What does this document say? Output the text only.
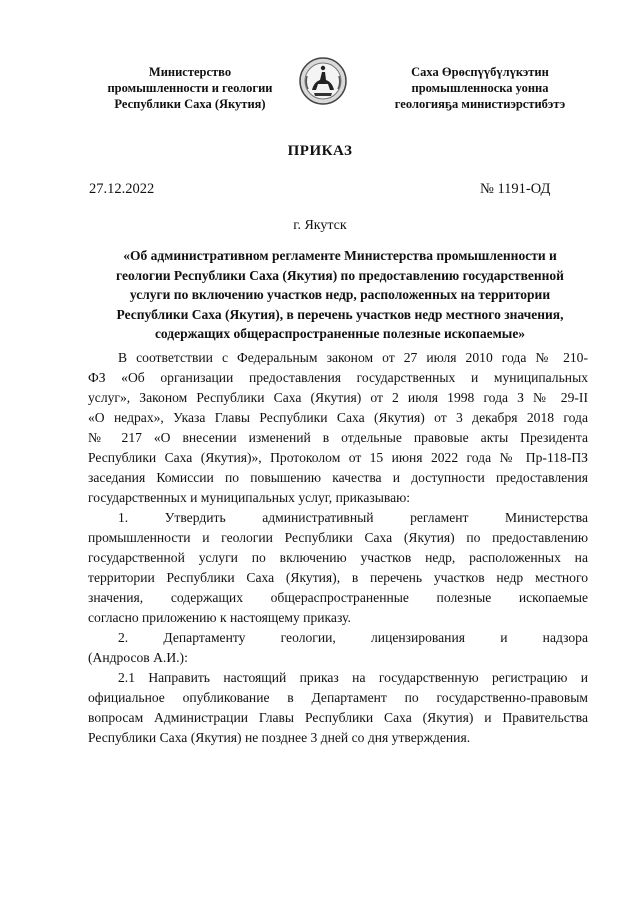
Министерство
промышленности и геологии
Республики Саха (Якутия)
Саха Өрөспүүбүлүкэтин
промышленноска уонна
геологияҕа министиэрстибэтэ
ПРИКАЗ
27.12.2022	№ 1191-ОД
г. Якутск
«Об административном регламенте Министерства промышленности и
геологии Республики Саха (Якутия) по предоставлению государственной
услуги по включению участков недр, расположенных на территории
Республики Саха (Якутия), в перечень участков недр местного значения,
содержащих общераспространенные полезные ископаемые»
В соответствии с Федеральным законом от 27 июля 2010 года № 210-
ФЗ «Об организации предоставления государственных и муниципальных
услуг», Законом Республики Саха (Якутия) от 2 июля 1998 года З № 29-II
«О недрах», Указа Главы Республики Саха (Якутия) от 3 декабря 2018 года
№ 217 «О внесении изменений в отдельные правовые акты Президента
Республики Саха (Якутия)», Протоколом от 15 июня 2022 года № Пр-118-ПЗ
заседания Комиссии по повышению качества и доступности предоставления
государственных и муниципальных услуг, приказываю:
1. Утвердить административный регламент Министерства
промышленности и геологии Республики Саха (Якутия) по предоставлению
государственной услуги по включению участков недр, расположенных на
территории Республики Саха (Якутия), в перечень участков недр местного
значения, содержащих общераспространенные полезные ископаемые
согласно приложению к настоящему приказу.
2. Департаменту геологии, лицензирования и надзора
(Андросов А.И.):
2.1 Направить настоящий приказ на государственную регистрацию и
официальное опубликование в Департамент по государственно-правовым
вопросам Администрации Главы Республики Саха (Якутия) и Правительства
Республики Саха (Якутия) не позднее 3 дней со дня утверждения.
